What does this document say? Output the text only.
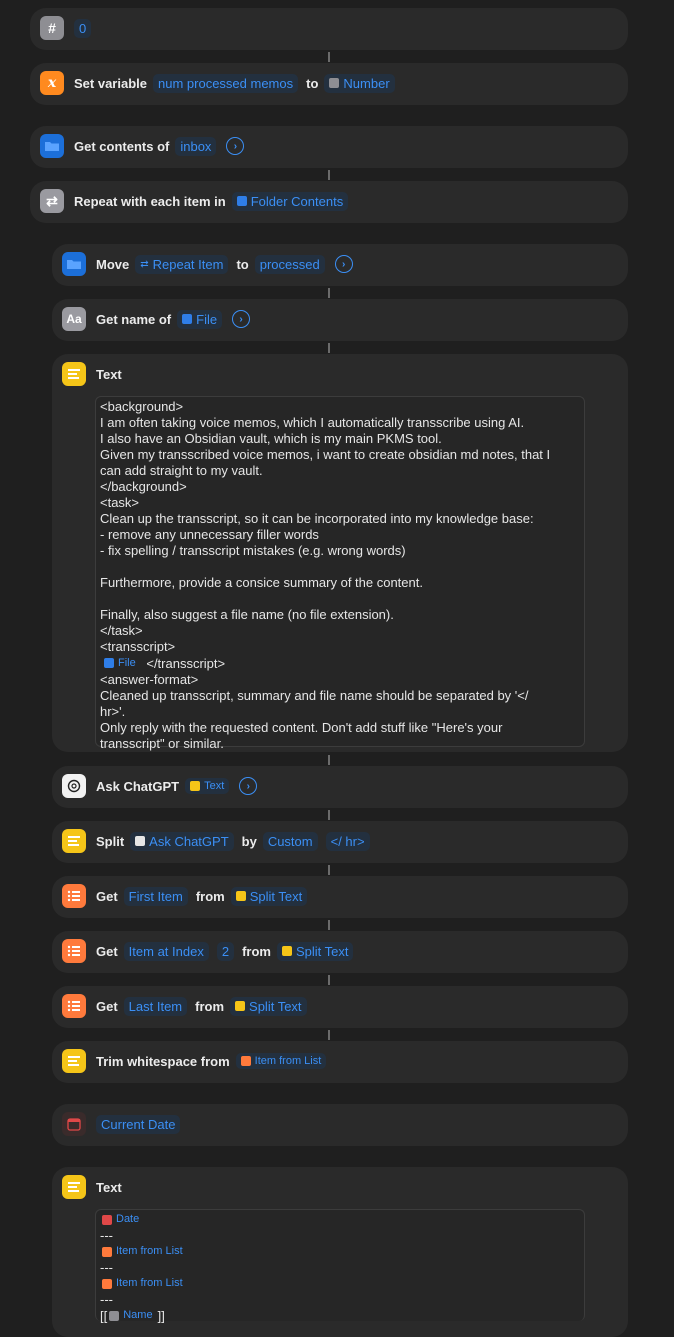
#	0
x Set variable num processed memos	to Number
Get contents of inbox	›
⇄	Repeat with each item in Folder Contents
Move ⇄ Repeat Item to processed	›
Aa	Get name of File	›
Text
<background>
I am often taking voice memos, which I automatically transscribe using AI.
I also have an Obsidian vault, which is my main PKMS tool.
Given my transscribed voice memos, i want to create obsidian md notes, that I
can add straight to my vault.
</background>
<task>
Clean up the transscript, so it can be incorporated into my knowledge base:
- remove any unnecessary filler words
- fix spelling / transscript mistakes (e.g. wrong words)
Furthermore, provide a consice summary of the content.
Finally, also suggest a file name (no file extension).
</task>
<transscript>
File </transscript>
<answer-format>
Cleaned up transscript, summary and file name should be separated by '</
hr>'.
Only reply with the requested content. Don't add stuff like "Here's your
transscript" or similar.
Ask ChatGPT Text	›
Split Ask ChatGPT by Custom	</ hr>
Get First Item	from Split Text
Get Item at Index	2	from Split Text
Get Last Item	from Split Text
Trim whitespace from Item from List
Current Date
Text
Date
---
Item from List
---
Item from List
---
[[ Name ]]
